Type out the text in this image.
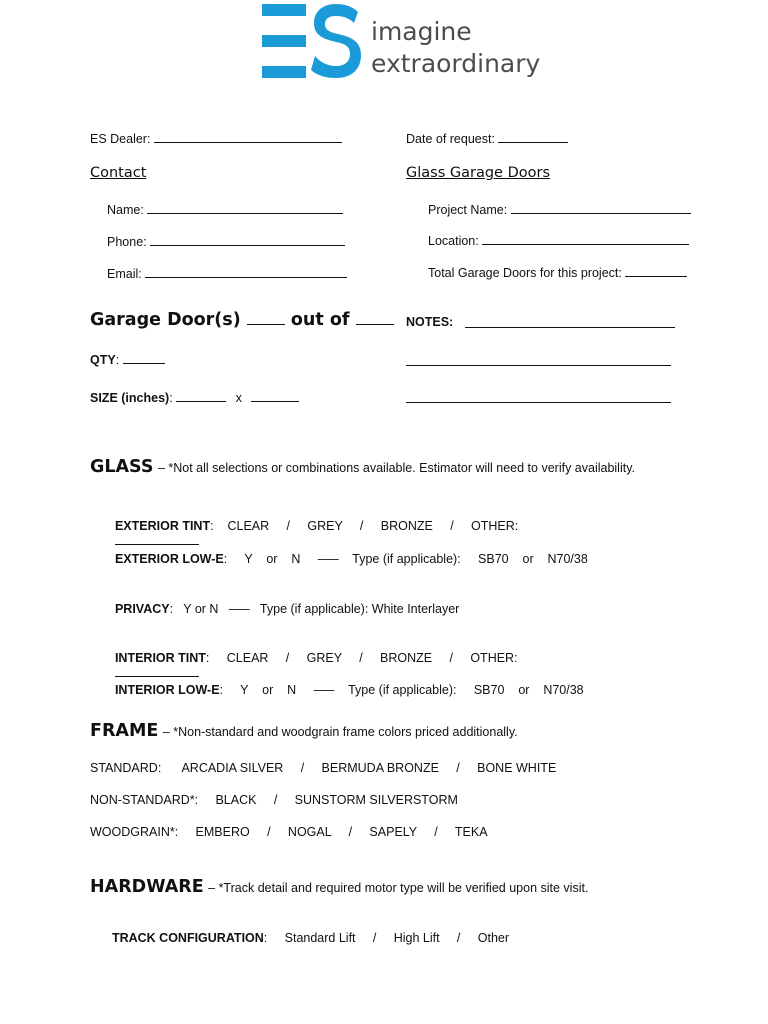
imagine
extraordinary
ES Dealer:	Date of request:
Contact
Name:
Phone:
Email:
Glass Garage Doors
Project Name:
Location:
Total Garage Doors for this project:
Garage Door(s)	out of
QTY:
SIZE (inches):	x
NOTES:
GLASS – *Not all selections or combinations available. Estimator will need to verify availability.

EXTERIOR TINT:    CLEAR     /     GREY     /     BRONZE     /     OTHER:

EXTERIOR LOW-E:     Y    or    N     –––    Type (if applicable):     SB70    or    N70/38

PRIVACY:   Y or N   –––   Type (if applicable): White Interlayer

INTERIOR TINT:     CLEAR     /     GREY     /     BRONZE     /     OTHER:

INTERIOR LOW-E:     Y    or    N     –––    Type (if applicable):     SB70    or    N70/38

FRAME – *Non-standard and woodgrain frame colors priced additionally.
STANDARD:      ARCADIA SILVER     /     BERMUDA BRONZE     /     BONE WHITE
NON-STANDARD*:     BLACK     /     SUNSTORM SILVERSTORM
WOODGRAIN*:     EMBERO     /     NOGAL     /     SAPELY     /     TEKA
HARDWARE – *Track detail and required motor type will be verified upon site visit.

TRACK CONFIGURATION:     Standard Lift     /     High Lift     /     Other
